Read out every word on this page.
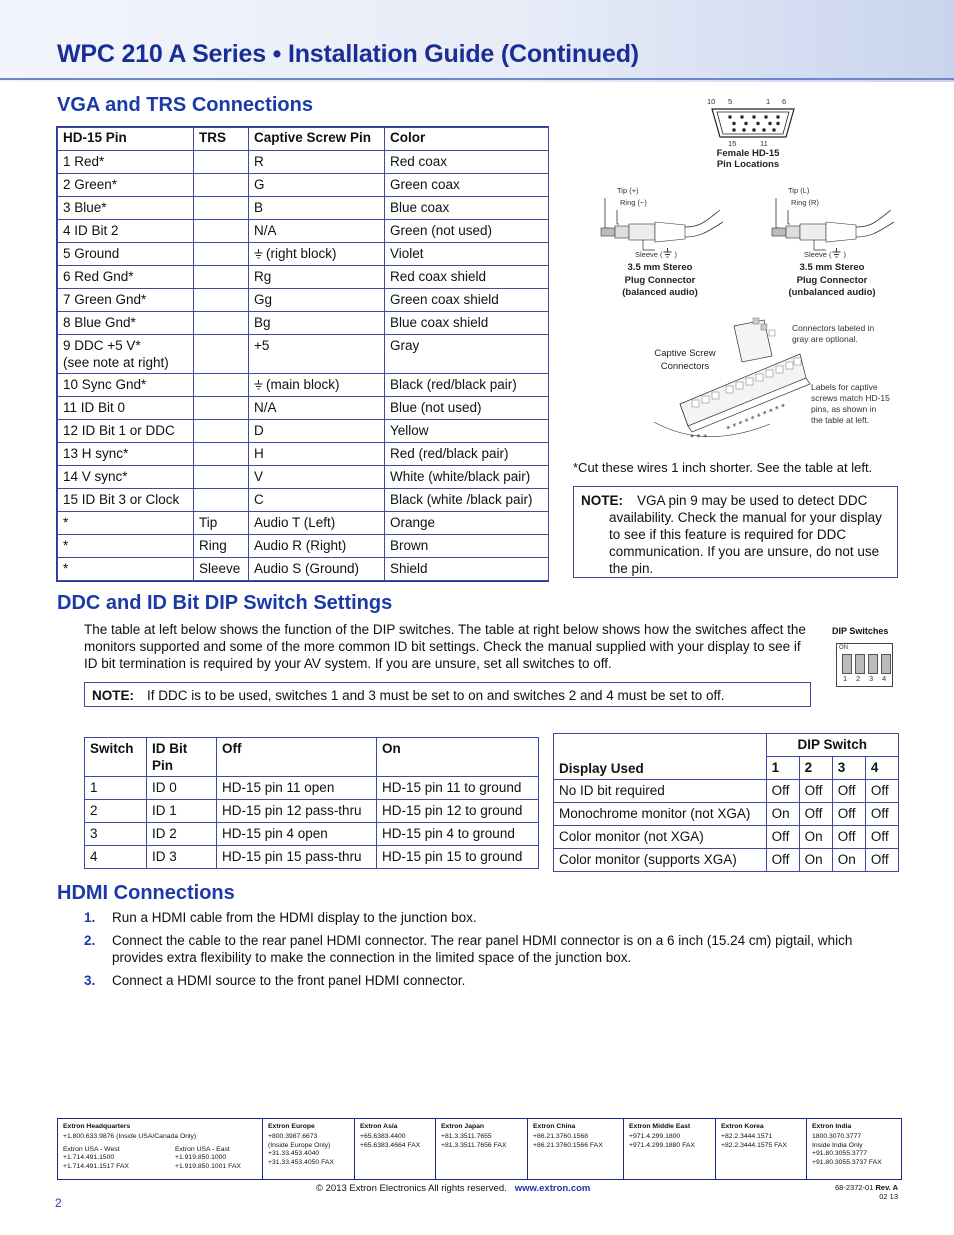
WPC 210 A Series • Installation Guide (Continued)
VGA and TRS Connections
HD-15 Pin	TRS	Captive Screw Pin	Color
1 Red*		R	Red coax
2 Green*		G	Green coax
3 Blue*		B	Blue coax
4 ID Bit 2		N/A	Green (not used)
5 Ground		(right block)	Violet
6 Red Gnd*		Rg	Red coax shield
7 Green Gnd*		Gg	Green coax shield
8 Blue Gnd*		Bg	Blue coax shield

9 DDC +5 V*
(see note at right)		+5	Gray
10 Sync Gnd*		(main block)	Black (red/black pair)
11 ID Bit 0		N/A	Blue (not used)
12 ID Bit 1 or DDC		D	Yellow
13 H sync*		H	Red (red/black pair)
14 V sync*		V	White (white/black pair)
15 ID Bit 3 or Clock		C	Black (white /black pair)
*	Tip	Audio T (Left)	Orange
*	Ring	Audio R (Right)	Brown
*	Sleeve	Audio S (Ground)	Shield
10 5	1 6
15	11
Female HD-15
Pin Locations
Tip (+)
Ring (−)
Sleeve ( )
3.5 mm Stereo
Plug Connector
(balanced audio)
Tip (L)
Ring (R)
Sleeve ( )
3.5 mm Stereo
Plug Connector
(unbalanced audio)
Captive Screw
Connectors
* * *
* * * * * * * * * *
Connectors labeled in
gray are optional.
Labels for captive
screws match HD-15
pins, as shown in
the table at left.
*Cut these wires 1 inch shorter. See the table at left.
NOTE:	VGA pin 9 may be used to detect DDC availability. Check the manual for your display to see if this feature is required for DDC communication. If you are unsure, do not use the pin.
DDC and ID Bit DIP Switch Settings

The table at left below shows the function of the DIP switches. The table at right below shows how the switches affect the monitors supported and some of the more common ID bit settings. Check the manual supplied with your display to see if ID bit termination is required by your AV system. If you are unsure, set all switches to off.

DIP Switches
ON
1 2 3 4
NOTE: If DDC is to be used, switches 1 and 3 must be set to on and switches 2 and 4 must be set to off.
Switch	ID Bit Pin	Off	On
1	ID 0	HD-15 pin 11 open	HD-15 pin 11 to ground
2	ID 1	HD-15 pin 12 pass-thru	HD-15 pin 12 to ground
3	ID 2	HD-15 pin 4 open	HD-15 pin 4 to ground
4	ID 3	HD-15 pin 15 pass-thru	HD-15 pin 15 to ground
Display Used	DIP Switch			
	1	2	3	4
No ID bit required	Off	Off	Off	Off
Monochrome monitor (not XGA)	On	Off	Off	Off
Color monitor (not XGA)	Off	On	Off	Off
Color monitor (supports XGA)	Off	On	On	Off
HDMI Connections
1.	Run a HDMI cable from the HDMI display to the junction box.
2.	Connect the cable to the rear panel HDMI connector. The rear panel HDMI connector is on a 6 inch (15.24 cm) pigtail, which provides extra flexibility to make the connection in the limited space of the junction box.
3.	Connect a HDMI source to the front panel HDMI connector.
Extron Headquarters
+1.800.633.9876 (Inside USA/Canada Only)
Extron USA - West
+1.714.491.1500
+1.714.491.1517 FAX
Extron USA - East
+1.919.850.1000
+1.919.850.1001 FAX
Extron Europe
+800.3987.6673
(Inside Europe Only)
+31.33.453.4040
+31.33.453.4050 FAX
Extron Asia
+65.6383.4400
+65.6383.4664 FAX
Extron Japan
+81.3.3511.7655
+81.3.3511.7656 FAX
Extron China
+86.21.3760.1568
+86.21.3760.1566 FAX
Extron Middle East
+971.4.299.1800
+971.4.299.1880 FAX
Extron Korea
+82.2.3444.1571
+82.2.3444.1575 FAX
Extron India
1800.3070.3777
Inside India Only
+91.80.3055.3777
+91.80.3055.3737 FAX
2
© 2013 Extron Electronics All rights reserved. www.extron.com	68-2372-01 Rev. A
02 13
